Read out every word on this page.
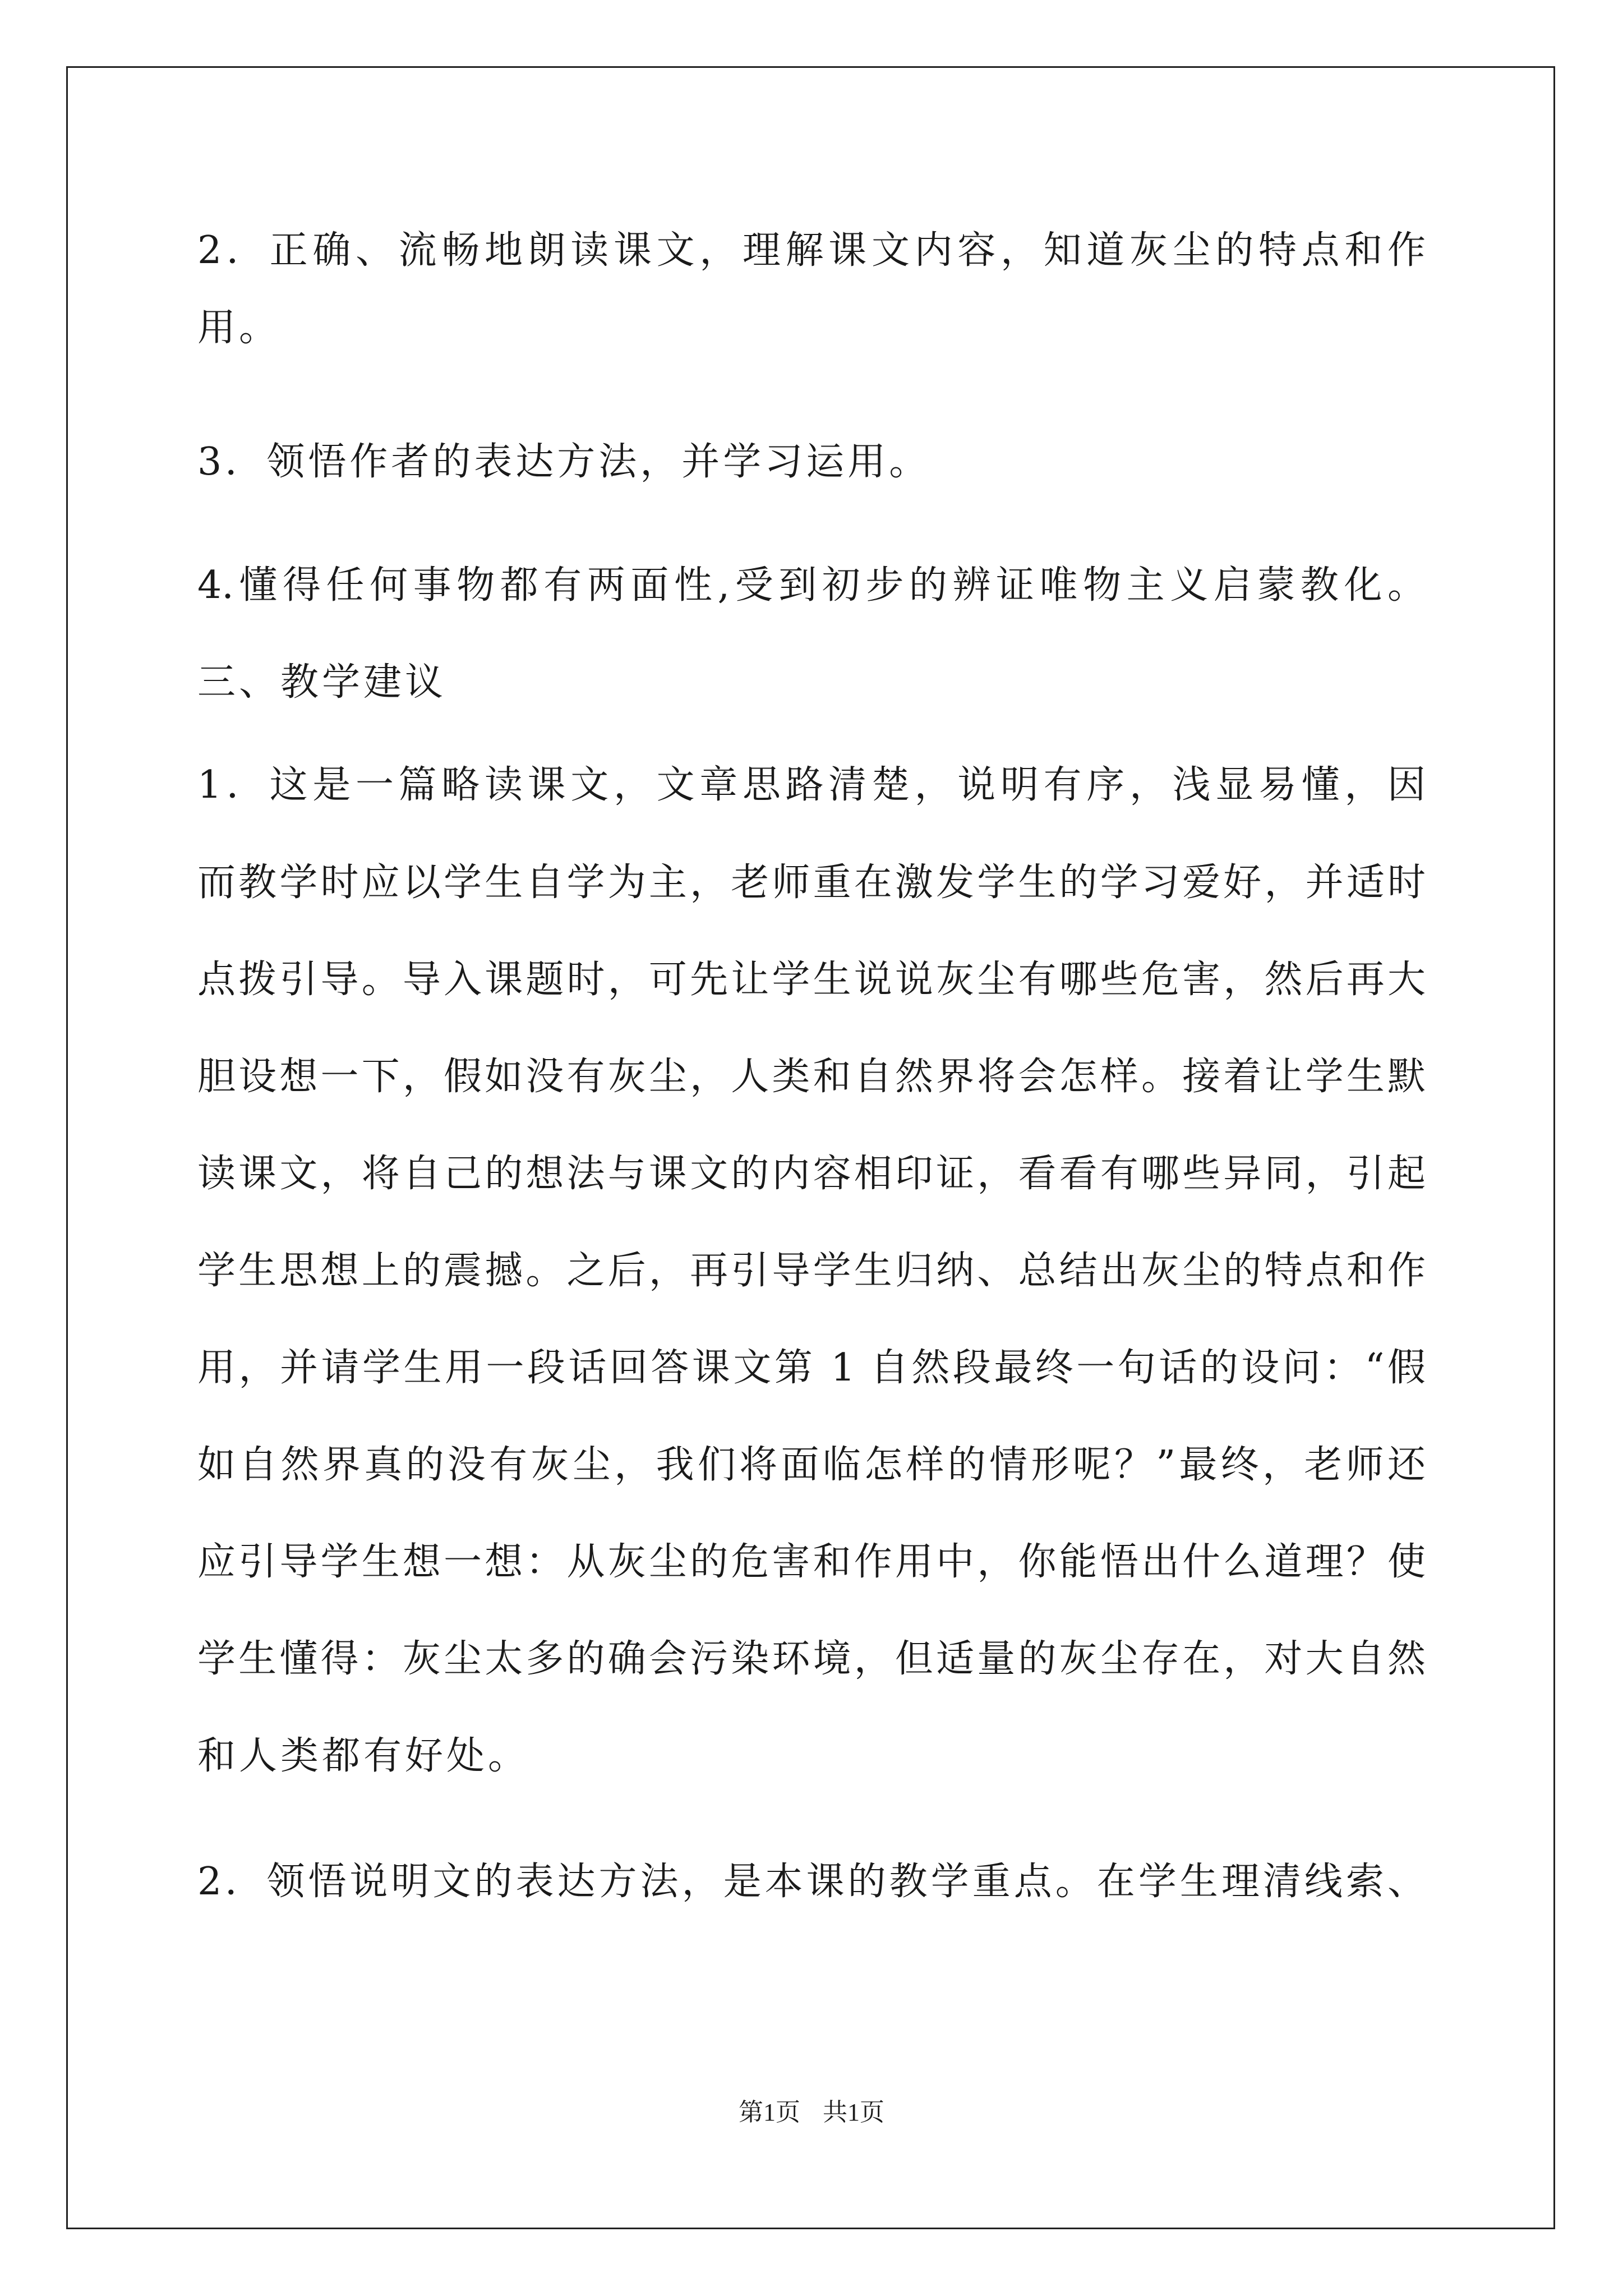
2．正确、流畅地朗读课文，理解课文内容，知道灰尘的特点和作

用。

3．领悟作者的表达方法，并学习运用。

4.懂得任何事物都有两面性,受到初步的辨证唯物主义启蒙教化。

三、教学建议

1．这是一篇略读课文，文章思路清楚，说明有序，浅显易懂，因

而教学时应以学生自学为主，老师重在激发学生的学习爱好，并适时

点拨引导。导入课题时，可先让学生说说灰尘有哪些危害，然后再大

胆设想一下，假如没有灰尘，人类和自然界将会怎样。接着让学生默

读课文，将自己的想法与课文的内容相印证，看看有哪些异同，引起

学生思想上的震撼。之后，再引导学生归纳、总结出灰尘的特点和作

用，并请学生用一段话回答课文第 1 自然段最终一句话的设问：“假

如自然界真的没有灰尘，我们将面临怎样的情形呢？”最终，老师还

应引导学生想一想：从灰尘的危害和作用中，你能悟出什么道理？使

学生懂得：灰尘太多的确会污染环境，但适量的灰尘存在，对大自然

和人类都有好处。

2．领悟说明文的表达方法，是本课的教学重点。在学生理清线索、

第1页 共1页
